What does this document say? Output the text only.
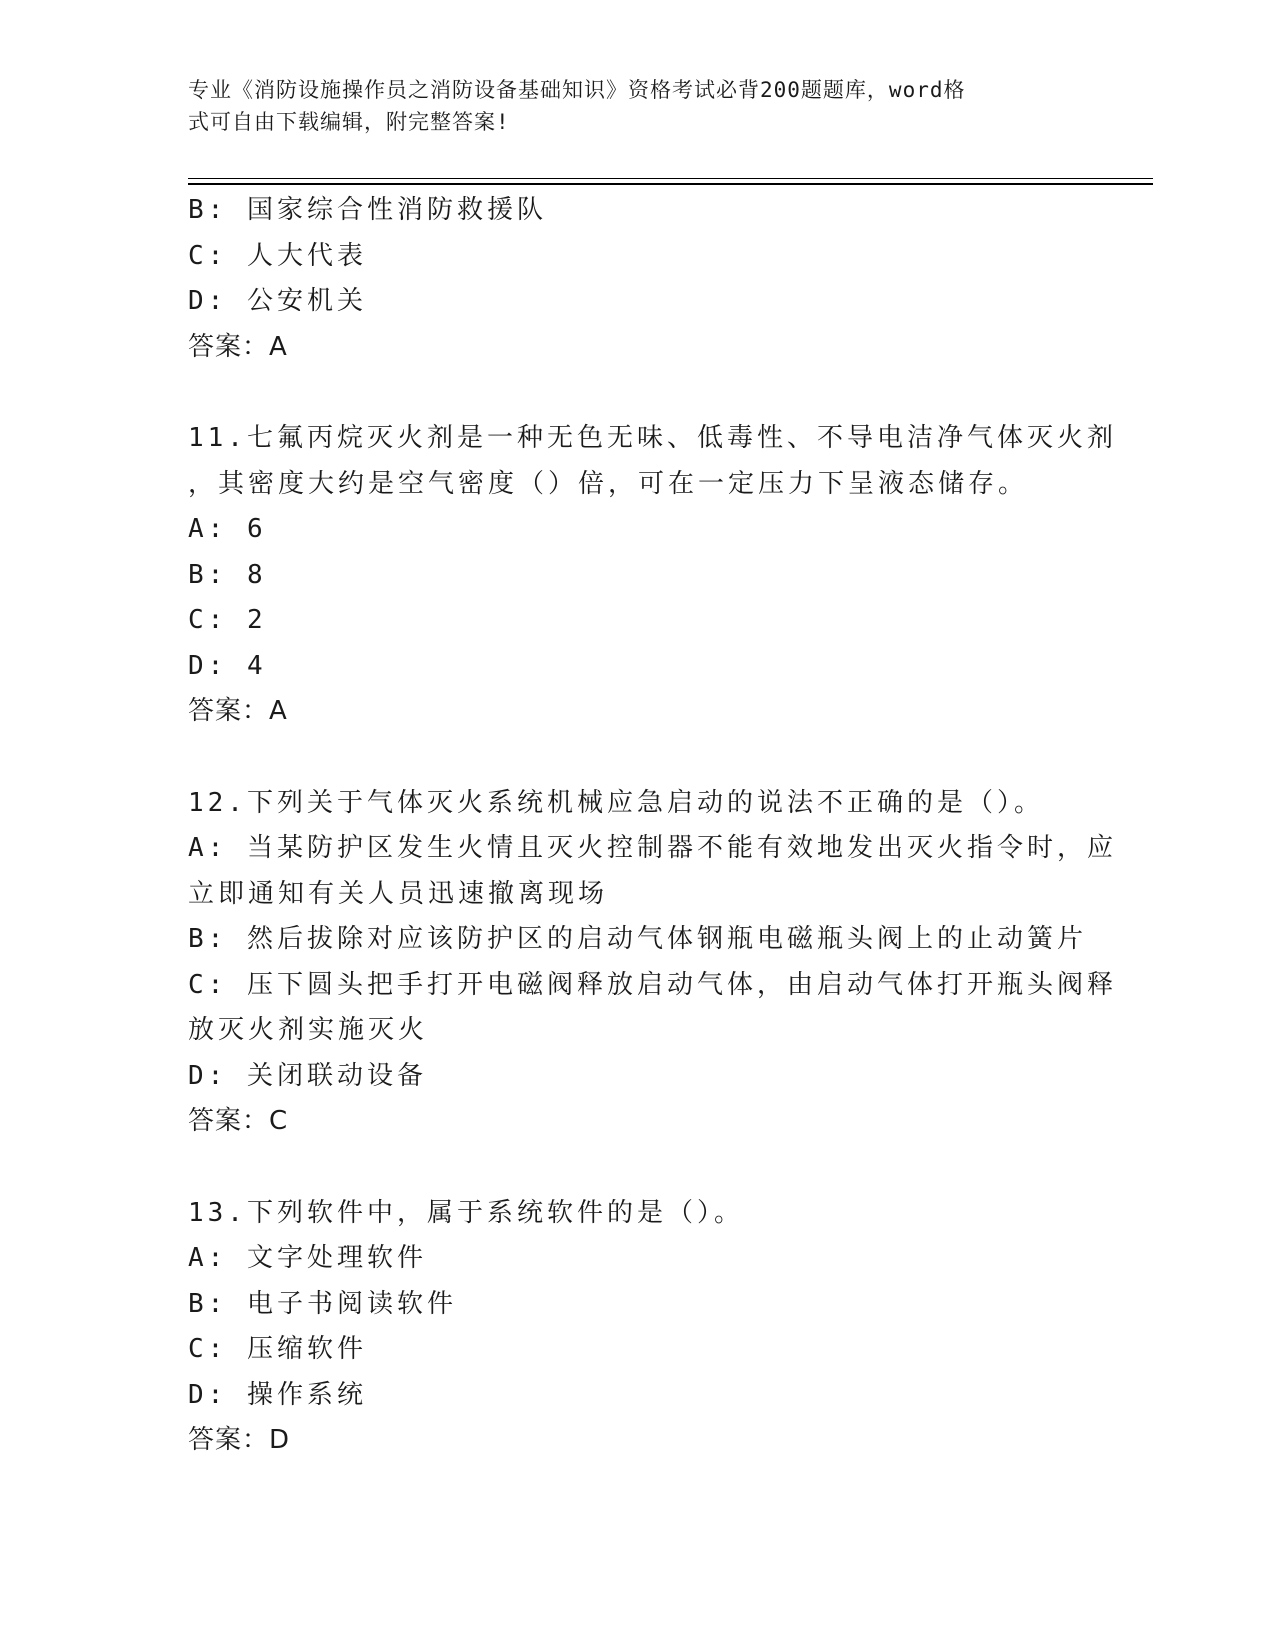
专业《消防设施操作员之消防设备基础知识》资格考试必背200题题库，word格
式可自由下载编辑，附完整答案!
B: 国家综合性消防救援队
C: 人大代表
D: 公安机关
答案：A
11.七氟丙烷灭火剂是一种无色无味、低毒性、不导电洁净气体灭火剂
，其密度大约是空气密度（）倍，可在一定压力下呈液态储存。
A: 6
B: 8
C: 2
D: 4
答案：A
12.下列关于气体灭火系统机械应急启动的说法不正确的是（）。
A: 当某防护区发生火情且灭火控制器不能有效地发出灭火指令时，应
立即通知有关人员迅速撤离现场
B: 然后拔除对应该防护区的启动气体钢瓶电磁瓶头阀上的止动簧片
C: 压下圆头把手打开电磁阀释放启动气体，由启动气体打开瓶头阀释
放灭火剂实施灭火
D: 关闭联动设备
答案：C
13.下列软件中，属于系统软件的是（）。
A: 文字处理软件
B: 电子书阅读软件
C: 压缩软件
D: 操作系统
答案：D
